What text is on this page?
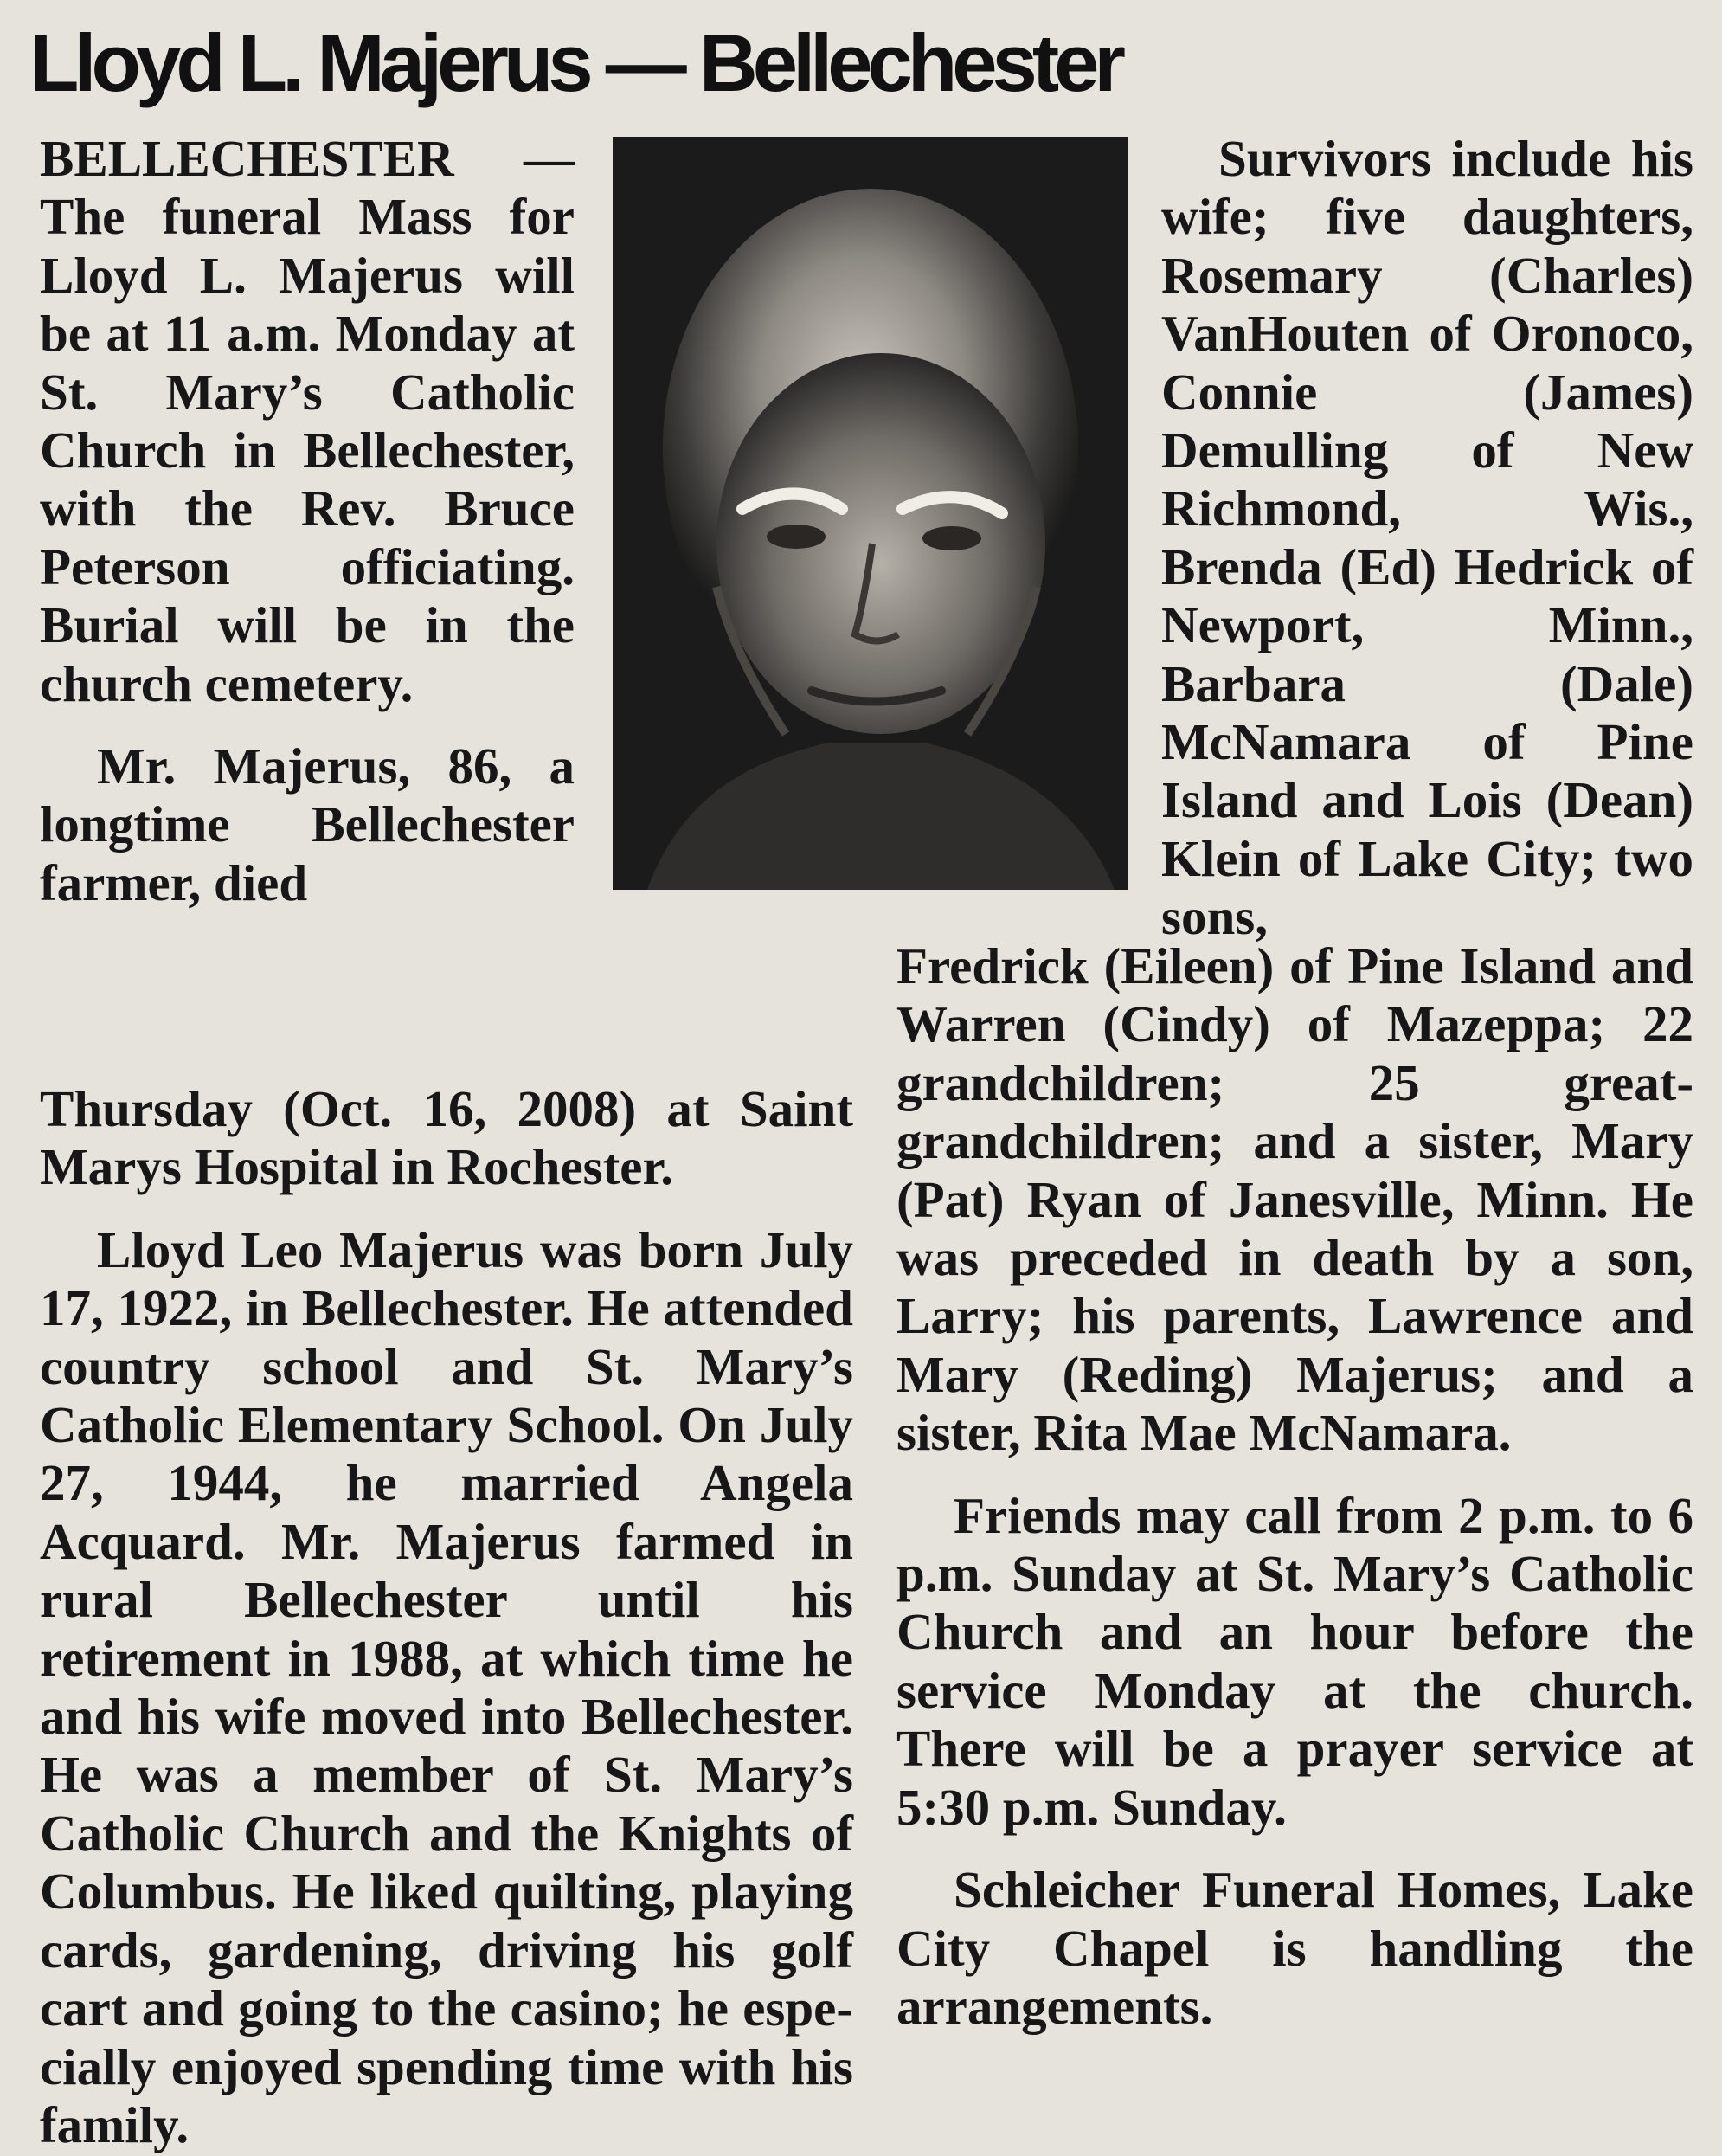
Lloyd L. Majerus — Bellechester

BELLECHESTER — The funeral Mass for Lloyd L. Majerus will be at 11 a.m. Monday at St. Mary’s Catholic Church in Bellechester, with the Rev. Bruce Peterson officiating. Burial will be in the church cemetery.

Mr. Majerus, 86, a longtime Bellechester farmer, died

Survivors include his wife; five daughters, Rosemary (Charles) VanHouten of Oronoco, Connie (James) Demulling of New Richmond, Wis., Brenda (Ed) Hedrick of Newport, Minn., Barbara (Dale) McNamara of Pine Island and Lois (Dean) Klein of Lake City; two sons,

Thursday (Oct. 16, 2008) at Saint Marys Hospital in Rochester.

Lloyd Leo Majerus was born July 17, 1922, in Bellechester. He attended country school and St. Mary’s Catholic Elementary School. On July 27, 1944, he married Angela Acquard. Mr. Majerus farmed in rural Bellechester until his retirement in 1988, at which time he and his wife moved into Bellechester. He was a member of St. Mary’s Catholic Church and the Knights of Columbus. He liked quilting, playing cards, gardening, driving his golf cart and going to the casino; he especially enjoyed spending time with his family.

Fredrick (Eileen) of Pine Island and Warren (Cindy) of Mazeppa; 22 grandchildren; 25 greatgrandchildren; and a sister, Mary (Pat) Ryan of Janesville, Minn. He was preceded in death by a son, Larry; his parents, Lawrence and Mary (Reding) Majerus; and a sister, Rita Mae McNamara.

Friends may call from 2 p.m. to 6 p.m. Sunday at St. Mary’s Catholic Church and an hour before the service Monday at the church. There will be a prayer service at 5:30 p.m. Sunday.

Schleicher Funeral Homes, Lake City Chapel is handling the arrangements.
